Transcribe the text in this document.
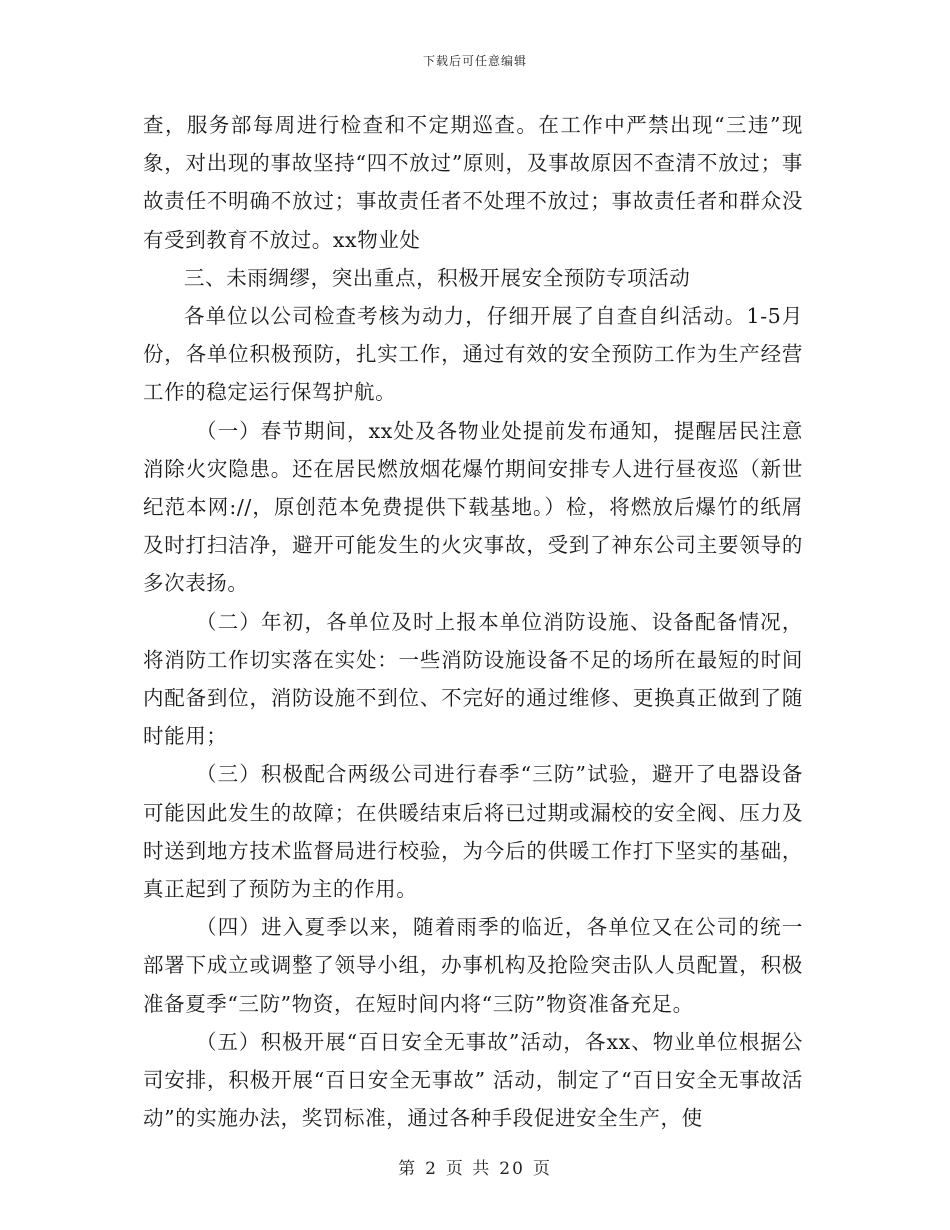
下载后可任意编辑

查，服务部每周进行检查和不定期巡查。在工作中严禁出现“三违”现象，对出现的事故坚持“四不放过”原则，及事故原因不查清不放过；事故责任不明确不放过；事故责任者不处理不放过；事故责任者和群众没有受到教育不放过。xx物业处

三、未雨绸缪，突出重点，积极开展安全预防专项活动

各单位以公司检查考核为动力，仔细开展了自查自纠活动。1-5月份，各单位积极预防，扎实工作，通过有效的安全预防工作为生产经营工作的稳定运行保驾护航。

（一）春节期间，xx处及各物业处提前发布通知，提醒居民注意消除火灾隐患。还在居民燃放烟花爆竹期间安排专人进行昼夜巡（新世纪范本网://，原创范本免费提供下载基地。）检，将燃放后爆竹的纸屑及时打扫洁净，避开可能发生的火灾事故，受到了神东公司主要领导的多次表扬。

（二）年初，各单位及时上报本单位消防设施、设备配备情况，将消防工作切实落在实处：一些消防设施设备不足的场所在最短的时间内配备到位，消防设施不到位、不完好的通过维修、更换真正做到了随时能用；

（三）积极配合两级公司进行春季“三防”试验，避开了电器设备可能因此发生的故障；在供暖结束后将已过期或漏校的安全阀、压力及时送到地方技术监督局进行校验，为今后的供暖工作打下坚实的基础，真正起到了预防为主的作用。

（四）进入夏季以来，随着雨季的临近，各单位又在公司的统一部署下成立或调整了领导小组，办事机构及抢险突击队人员配置，积极准备夏季“三防”物资，在短时间内将“三防”物资准备充足。

（五）积极开展“百日安全无事故”活动，各xx、物业单位根据公司安排，积极开展“百日安全无事故” 活动，制定了“百日安全无事故活动”的实施办法，奖罚标准，通过各种手段促进安全生产，使

第 2 页 共 20 页
